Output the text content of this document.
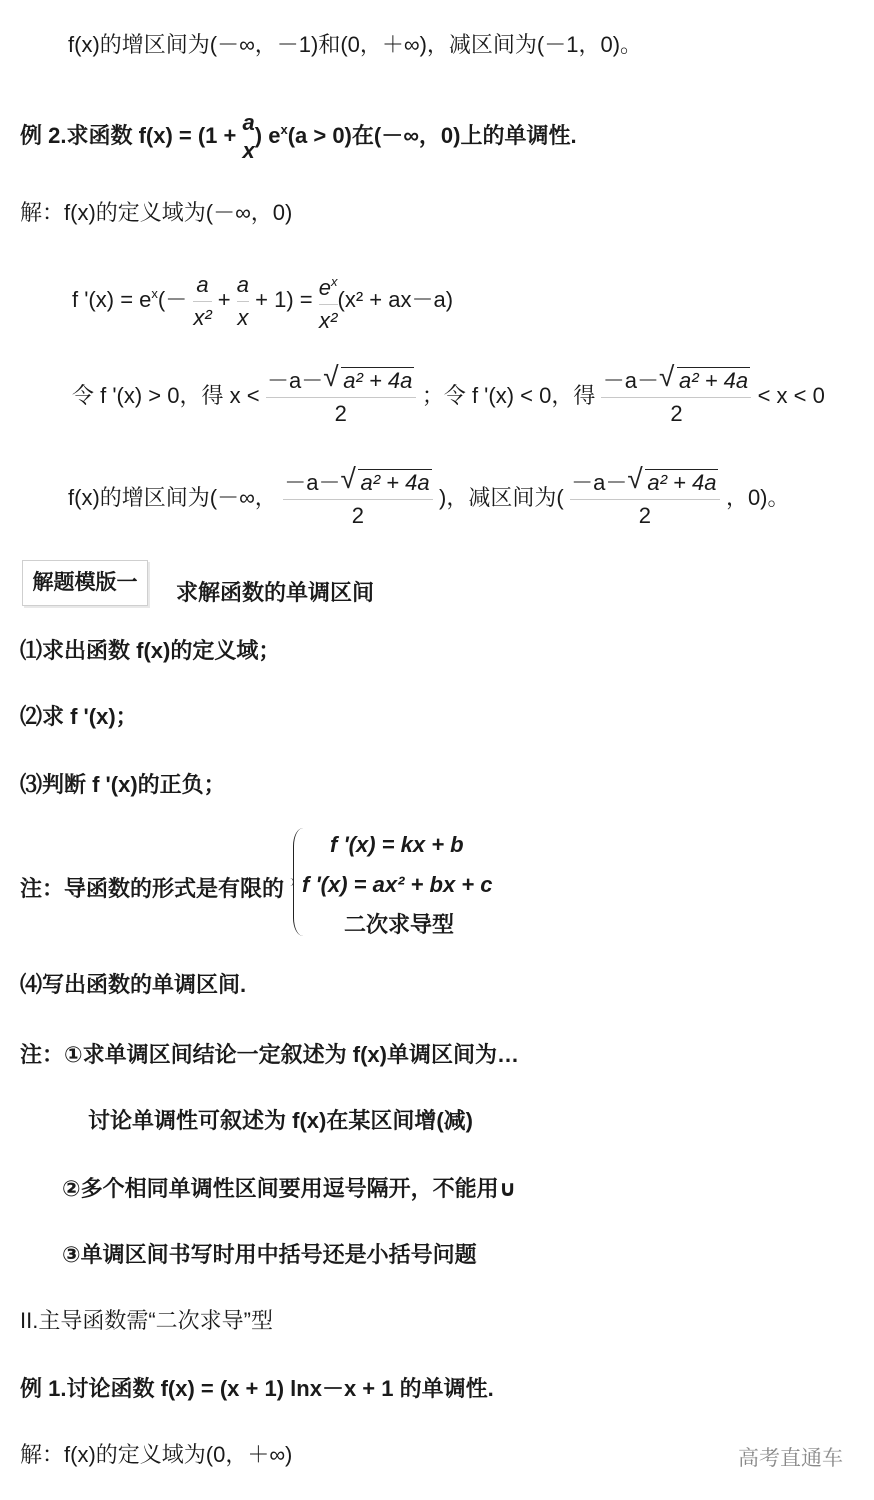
f(x)的增区间为(－∞，－1)和(0，＋∞)，减区间为(－1，0)。
例 2.求函数 f(x) = (1 +
a
x
) $e^x(a > 0)$在(－∞，0)上的单调性.
解：f(x)的定义域为(－∞，0)
f '$(x) = e^x(- \frac{a}{\text{x²}} + \frac{a}{x} + 1) = \frac{e^x}{\text{x²}} (x^2 + ax-a)$
令 f '(x) > 0，得 $x < \frac{\text{－a－ √ a² + 4a}}{2}$ ；令 f '(x) < 0，得 $\frac{\text{－a－ √ a² + 4a}}{2} < x < 0$
f(x)的增区间为(－∞， $\frac{\text{－a－ √ a² + 4a}}{2}$ )，减区间为( $\frac{\text{－a－ √ a² + 4a}}{2}$ ，0)。
解题模版一	求解函数的单调区间
⑴求出函数 f(x)的定义域；
⑵求 f '(x)；
⑶判断 f '(x)的正负；
注：导函数的形式是有限的
f '(x) = kx + b
f '(x) = ax² + bx + c
二次求导型
⑷写出函数的单调区间.
注：①求单调区间结论一定叙述为 f(x)单调区间为…
讨论单调性可叙述为 f(x)在某区间增(减)
②多个相同单调性区间要用逗号隔开，不能用∪
③单调区间书写时用中括号还是小括号问题
II.主导函数需“二次求导”型
例 1.讨论函数 f(x) = (x + 1) lnx－x + 1 的单调性.
解：f(x)的定义域为(0，＋∞)	高考直通车
